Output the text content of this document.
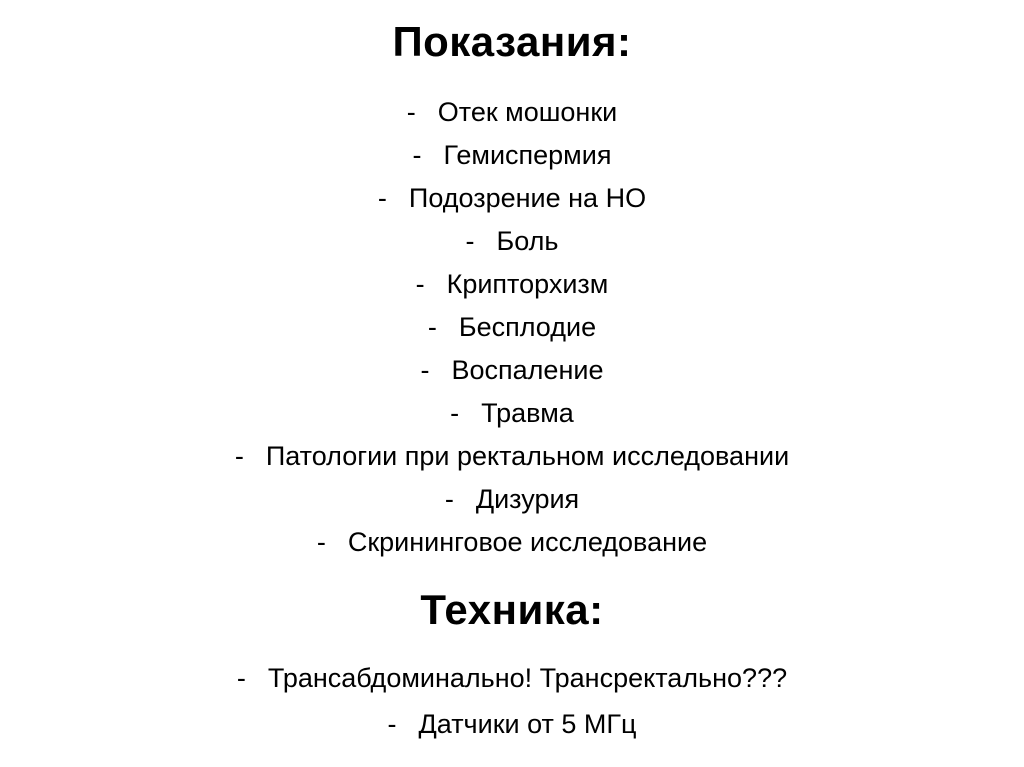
Показания:
- Отек мошонки
- Гемиспермия
- Подозрение на НО
- Боль
- Крипторхизм
- Бесплодие
- Воспаление
- Травма
- Патологии при ректальном исследовании
- Дизурия
- Скрининговое исследование
Техника:
- Трансабдоминально! Трансректально???
- Датчики от 5 МГц
